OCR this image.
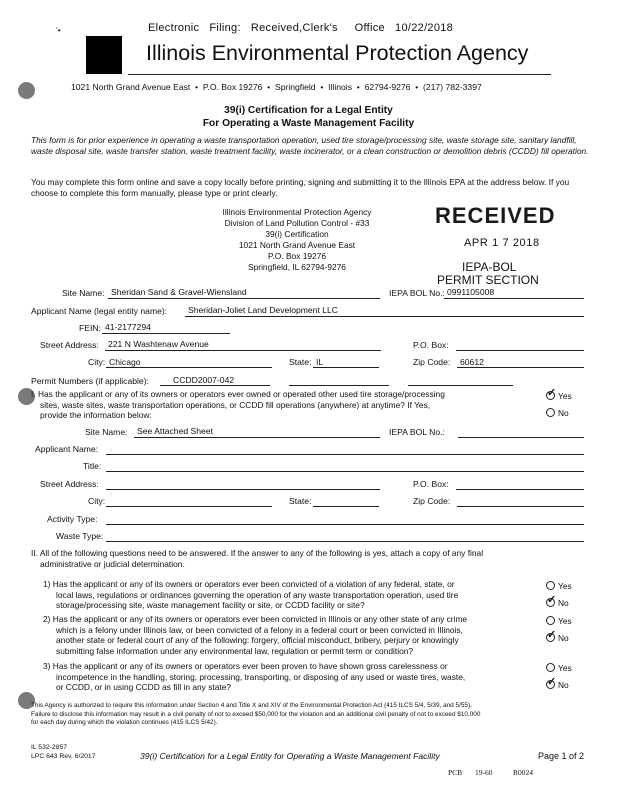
‘•	Electronic   Filing:   Received,Clerk's     Office   10/22/2018
Illinois Environmental Protection Agency
1021 North Grand Avenue East  •  P.O. Box 19276  •  Springfield  •  Illinois  •  62794-9276  •  (217) 782-3397
39(i) Certification for a Legal Entity
For Operating a Waste Management Facility
This form is for prior experience in operating a waste transportation operation, used tire storage/processing site, waste storage site, sanitary landfill, waste disposal site, waste transfer station, waste treatment facility, waste incinerator, or a clean construction or demolition debris (CCDD) fill operation.
You may complete this form online and save a copy locally before printing, signing and submitting it to the Illinois EPA at the address below. If you choose to complete this form manually, please type or print clearly.
Illinois Environmental Protection Agency
Division of Land Pollution Control - #33
39(i) Certification
1021 North Grand Avenue East
P.O. Box 19276
Springfield, IL 62794-9276
RECEIVED
APR 1 7 2018
IEPA-BOL
PERMIT SECTION
Site Name: Sheridan Sand & Gravel-Wiensland	IEPA BOL No.: 0991105008
Applicant Name (legal entity name): Sheridan-Joliet Land Development LLC
FEIN: 41-2177294
Street Address: 221 N Washtenaw Avenue	P.O. Box:
City: Chicago	State: IL	Zip Code: 60612
Permit Numbers (if applicable):	CCDD2007-042
I. Has the applicant or any of its owners or operators ever owned or operated other used tire storage/processing
sites, waste sites, waste transportation operations, or CCDD fill operations (anywhere) at anytime? If Yes,
provide the information below:
✓ Yes
No
Site Name: See Attached Sheet	IEPA BOL No.:
Applicant Name:
Title:
Street Address:	P.O. Box:
City:	State:	Zip Code:
Activity Type:
Waste Type:
II. All of the following questions need to be answered. If the answer to any of the following is yes, attach a copy of any final
administrative or judicial determination.
1) Has the applicant or any of its owners or operators ever been convicted of a violation of any federal, state, or
local laws, regulations or ordinances governing the operation of any waste transportation operation, used tire
storage/processing site, waste management facility or site, or CCDD facility or site?
Yes
✓ No
2) Has the applicant or any of its owners or operators ever been convicted in Illinois or any other state of any crime
which is a felony under Illinois law, or been convicted of a felony in a federal court or been convicted in Illinois,
another state or federal court of any of the following: forgery, official misconduct, bribery, perjury or knowingly
submitting false information under any environmental law, regulation or permit term or condition?
Yes
✓ No
3) Has the applicant or any of its owners or operators ever been proven to have shown gross carelessness or
incompetence in the handling, storing, processing, transporting, or disposing of any used or waste tires, waste,
or CCDD, or in using CCDD as fill in any state?
Yes
✓ No
This Agency is authorized to require this information under Section 4 and Title X and XIV of the Environmental Protection Act (415 ILCS 5/4, 5/39, and 5/55).
Failure to disclose this information may result in a civil penalty of not to exceed $50,000 for the violation and an additional civil penalty of not to exceed $10,000
for each day during which the violation continues (415 ILCS 5/42).
IL 532-2857
LPC 643 Rev. 6/2017	39(i) Certification for a Legal Entity for Operating a Waste Management Facility	Page 1 of 2
PCB 19-60	R0024
